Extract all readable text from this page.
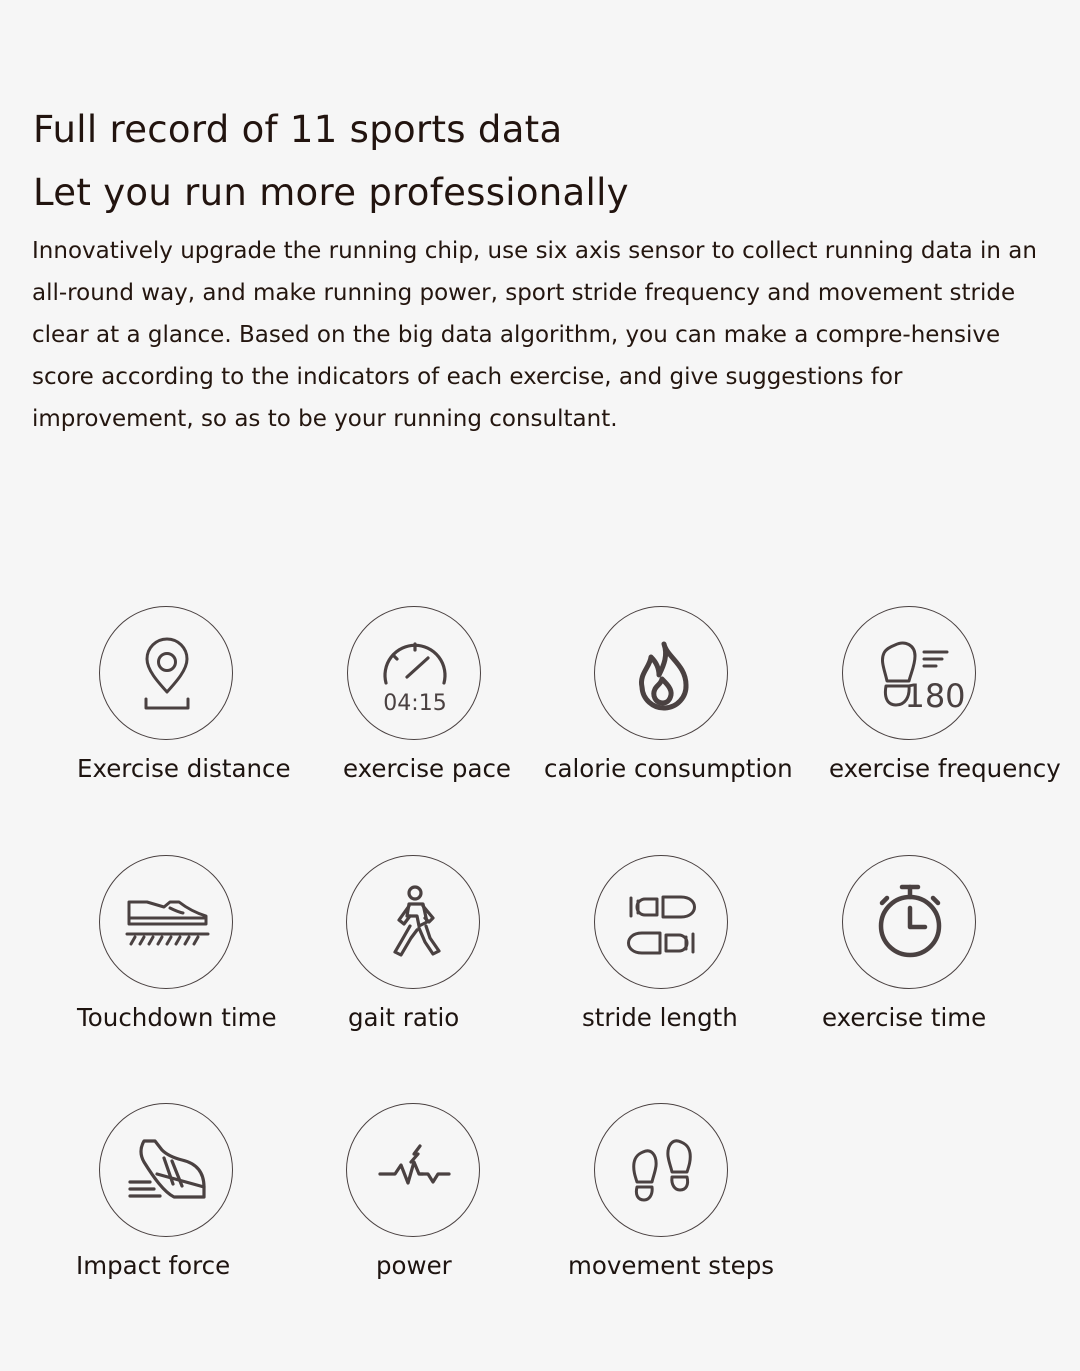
Full record of 11 sports data
Let you run more professionally

Innovatively upgrade the running chip, use six axis sensor to collect running data in an all-round way, and make running power, sport stride frequency and movement stride clear at a glance. Based on the big data algorithm, you can make a compre-hensive score according to the indicators of each exercise, and give suggestions for improvement, so as to be your running consultant.

Exercise distance
04:15
exercise pace calorie consumption
180
exercise frequency
Touchdown time	gait ratio	stride length	exercise time
Impact force	power	movement steps
